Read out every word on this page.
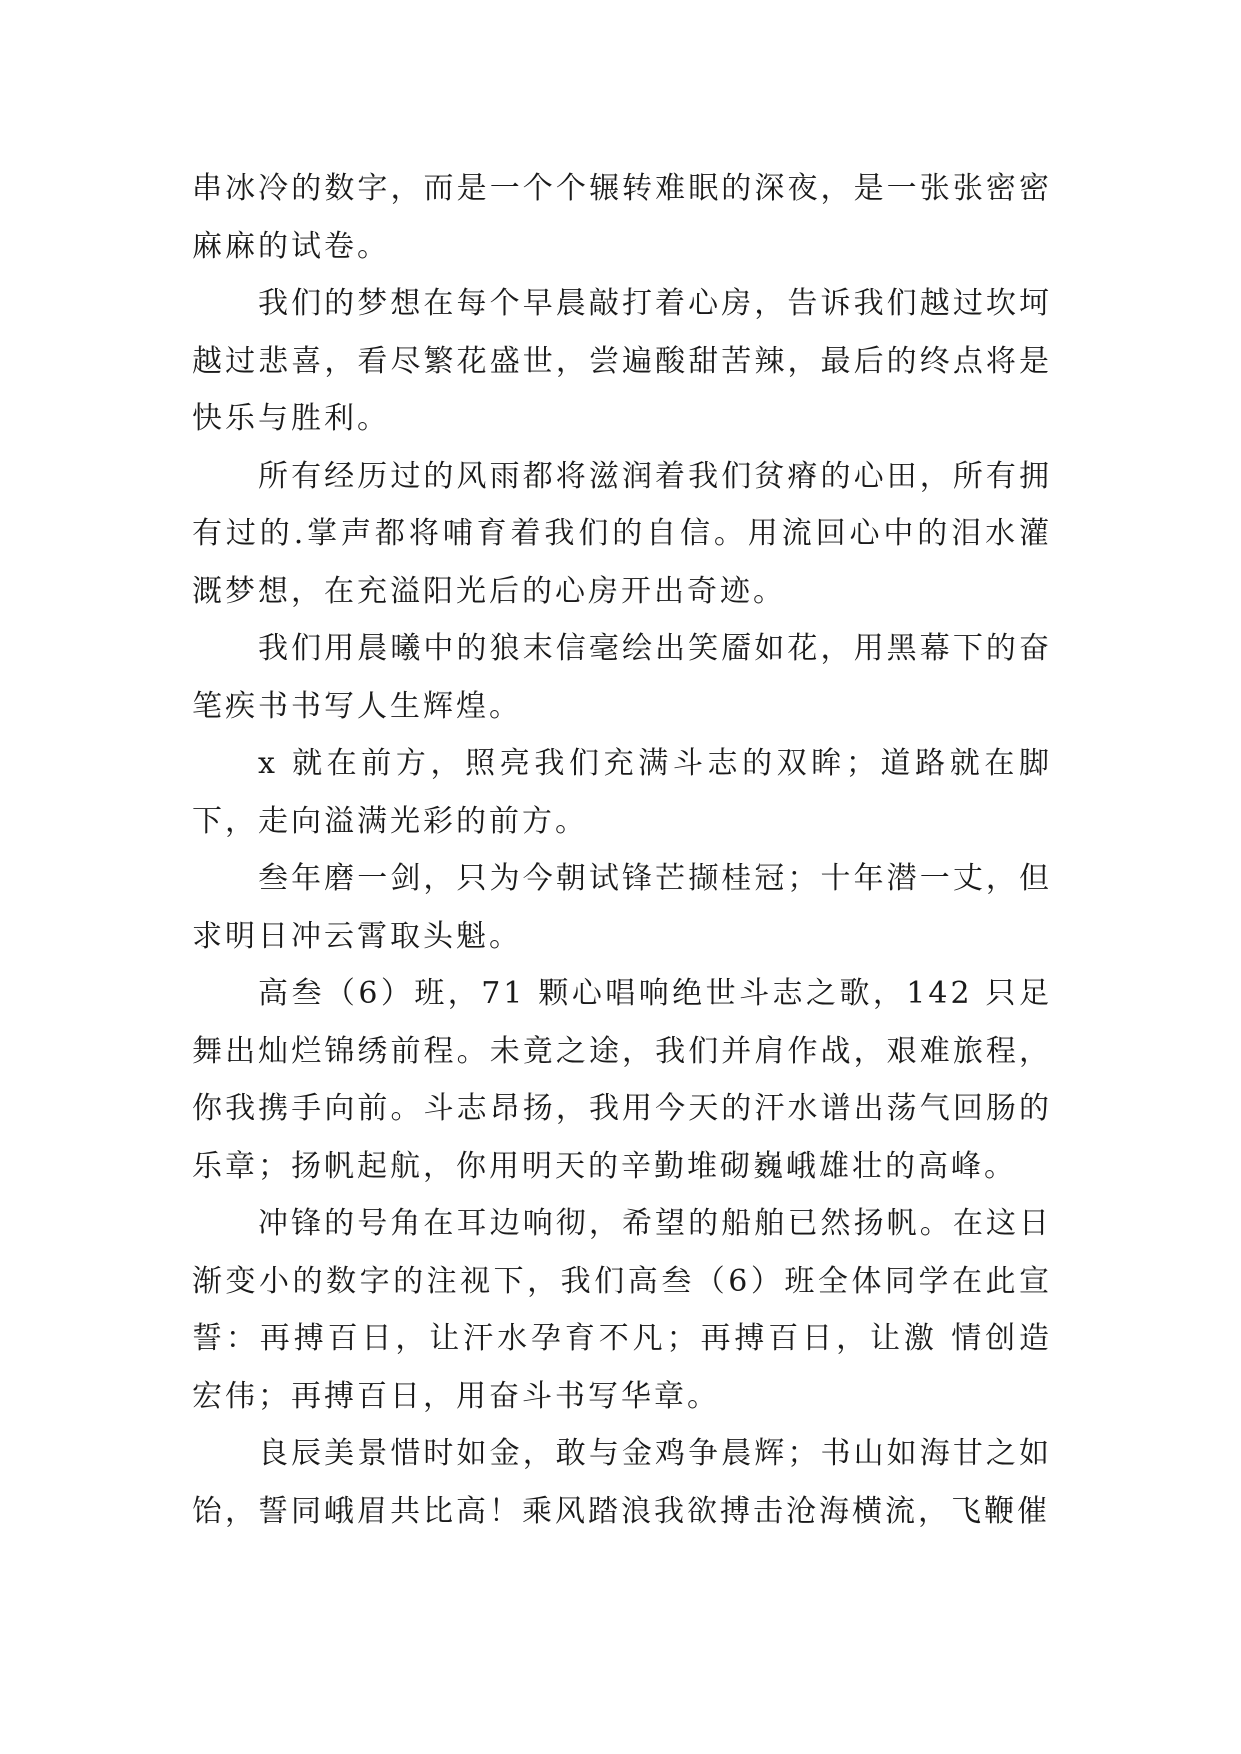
串冰冷的数字，而是一个个辗转难眠的深夜，是一张张密密麻麻的试卷。

我们的梦想在每个早晨敲打着心房，告诉我们越过坎坷越过悲喜，看尽繁花盛世，尝遍酸甜苦辣，最后的终点将是快乐与胜利。

所有经历过的风雨都将滋润着我们贫瘠的心田，所有拥有过的.掌声都将哺育着我们的自信。用流回心中的泪水灌溉梦想，在充溢阳光后的心房开出奇迹。

我们用晨曦中的狼末信毫绘出笑靥如花，用黑幕下的奋笔疾书书写人生辉煌。

x 就在前方，照亮我们充满斗志的双眸；道路就在脚下，走向溢满光彩的前方。

叁年磨一剑，只为今朝试锋芒撷桂冠；十年潜一丈，但求明日冲云霄取头魁。

高叁（6）班，71 颗心唱响绝世斗志之歌，142 只足舞出灿烂锦绣前程。未竟之途，我们并肩作战，艰难旅程，你我携手向前。斗志昂扬，我用今天的汗水谱出荡气回肠的乐章；扬帆起航，你用明天的辛勤堆砌巍峨雄壮的高峰。

冲锋的号角在耳边响彻，希望的船舶已然扬帆。在这日渐变小的数字的注视下，我们高叁（6）班全体同学在此宣誓：再搏百日，让汗水孕育不凡；再搏百日，让激 情创造宏伟；再搏百日，用奋斗书写华章。

良辰美景惜时如金，敢与金鸡争晨辉；书山如海甘之如饴，誓同峨眉共比高！乘风踏浪我欲搏击沧海横流，飞鞭催
